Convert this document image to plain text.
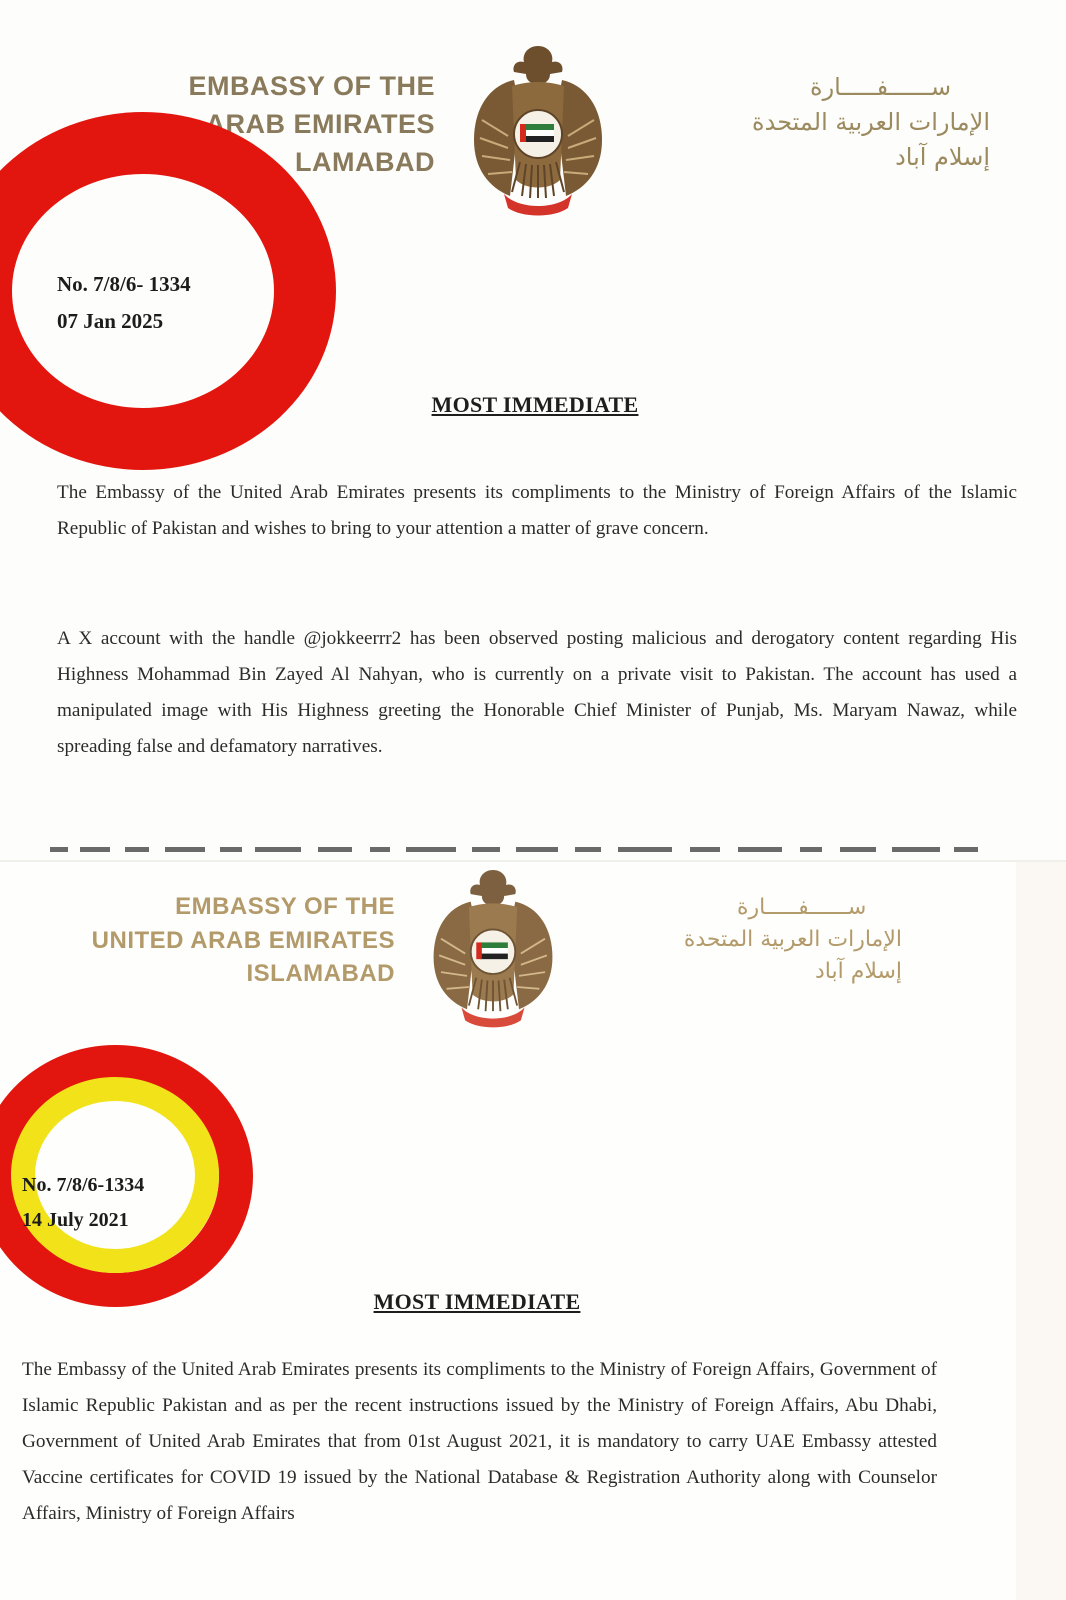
EMBASSY OF THE
ARAB EMIRATES
LAMABAD
ســــــفـــــارة
الإمارات العربية المتحدة
إسلام آباد
No. 7/8/6- 1334
07 Jan 2025
MOST IMMEDIATE

The Embassy of the United Arab Emirates presents its compliments to the Ministry of Foreign Affairs of the Islamic Republic of Pakistan and wishes to bring to your attention a matter of grave concern.

A X account with the handle @jokkeerrr2 has been observed posting malicious and derogatory content regarding His Highness Mohammad Bin Zayed Al Nahyan, who is currently on a private visit to Pakistan. The account has used a manipulated image with His Highness greeting the Honorable Chief Minister of Punjab, Ms. Maryam Nawaz, while spreading false and defamatory narratives.

EMBASSY OF THE
UNITED ARAB EMIRATES
ISLAMABAD
ســــــفـــــارة
الإمارات العربية المتحدة
إسلام آباد
No. 7/8/6-1334
14 July 2021
MOST IMMEDIATE

The Embassy of the United Arab Emirates presents its compliments to the Ministry of Foreign Affairs, Government of Islamic Republic Pakistan and as per the recent instructions issued by the Ministry of Foreign Affairs, Abu Dhabi, Government of United Arab Emirates that from 01st August 2021, it is mandatory to carry UAE Embassy attested Vaccine certificates for COVID 19 issued by the National Database & Registration Authority along with Counselor Affairs, Ministry of Foreign Affairs
